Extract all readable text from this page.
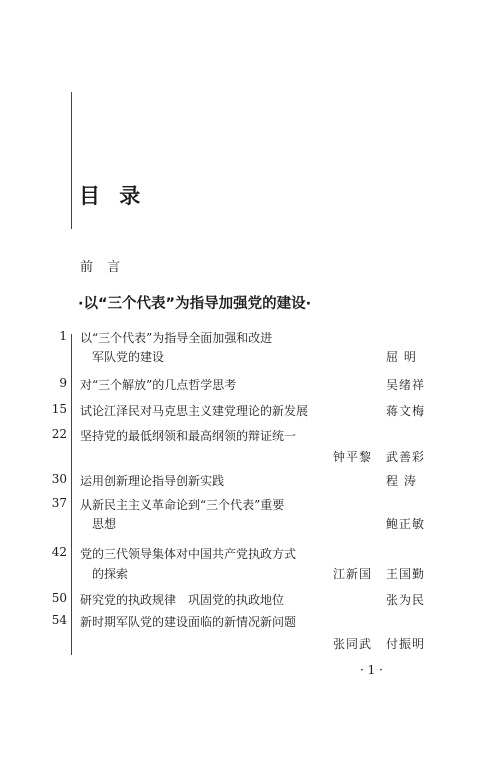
目 录
前 言
·以“三个代表”为指导加强党的建设·
1 以“三个代表”为指导全面加强和改进
军队党的建设	屈 明
9 对“三个解放”的几点哲学思考	吴绪祥
15 试论江泽民对马克思主义建党理论的新发展	蒋文梅
22 坚持党的最低纲领和最高纲领的辩证统一
钟平黎 武善彩
30 运用创新理论指导创新实践	程 涛
37 从新民主主义革命论到“三个代表”重要
思想	鲍正敏
42 党的三代领导集体对中国共产党执政方式
的探索	江新国 王国勤
50 研究党的执政规律　巩固党的执政地位	张为民
54 新时期军队党的建设面临的新情况新问题
张同武 付振明
· 1 ·
